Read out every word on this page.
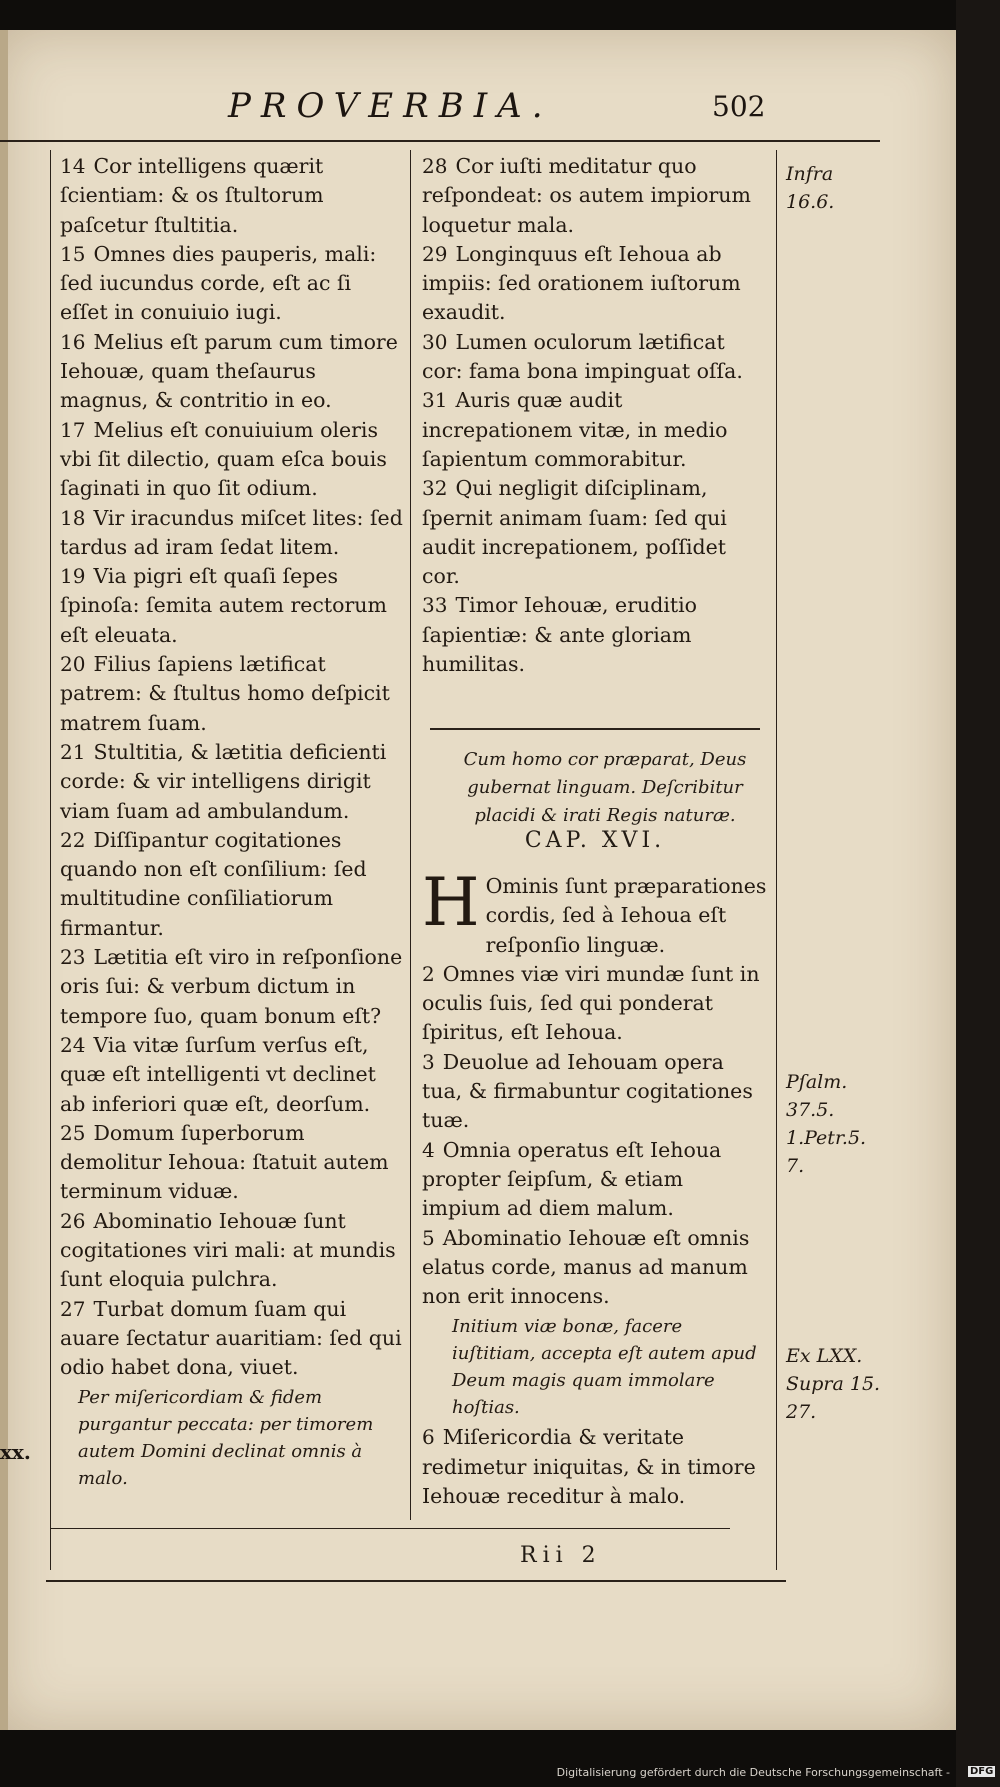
PROVERBIA.	502
xx.

14 Cor intelligens quærit ſcientiam: & os ſtultorum paſcetur ſtultitia.

15 Omnes dies pauperis, mali: ſed iucundus corde, eſt ac ſi eſſet in conuiuio iugi.

16 Melius eſt parum cum timore Iehouæ, quam theſaurus magnus, & contritio in eo.

17 Melius eſt conuiuium oleris vbi ſit dilectio, quam eſca bouis ſaginati in quo ſit odium.

18 Vir iracundus miſcet lites: ſed tardus ad iram ſedat litem.

19 Via pigri eſt quaſi ſepes ſpinoſa: ſemita autem rectorum eſt eleuata.

20 Filius ſapiens lætificat patrem: & ſtultus homo deſpicit matrem ſuam.

21 Stultitia, & lætitia deficienti corde: & vir intelligens dirigit viam ſuam ad ambulandum.

22 Diſſipantur cogitationes quando non eſt conſilium: ſed multitudine conſiliatiorum firmantur.

23 Lætitia eſt viro in reſponſione oris ſui: & verbum dictum in tempore ſuo, quam bonum eſt?

24 Via vitæ ſurſum verſus eſt, quæ eſt intelligenti vt declinet ab inferiori quæ eſt, deorſum.

25 Domum ſuperborum demolitur Iehoua: ſtatuit autem terminum viduæ.

26 Abominatio Iehouæ ſunt cogitationes viri mali: at mundis ſunt eloquia pulchra.

27 Turbat domum ſuam qui auare ſectatur auaritiam: ſed qui odio habet dona, viuet.

Per miſericordiam & fidem purgantur peccata: per timorem autem Domini declinat omnis à malo.

28 Cor iuſti meditatur quo reſpondeat: os autem impiorum loquetur mala.

29 Longinquus eſt Iehoua ab impiis: ſed orationem iuſtorum exaudit.

30 Lumen oculorum lætificat cor: fama bona impinguat oſſa.

31 Auris quæ audit increpationem vitæ, in medio ſapientum commorabitur.

32 Qui negligit diſciplinam, ſpernit animam ſuam: ſed qui audit increpationem, poſſidet cor.

33 Timor Iehouæ, eruditio ſapientiæ: & ante gloriam humilitas.

Cum homo cor præparat, Deus gubernat linguam. Deſcribitur placidi & irati Regis naturæ.
CAP. XVI.

H Ominis ſunt præparationes cordis, ſed à Iehoua eſt reſponſio linguæ.

2 Omnes viæ viri mundæ ſunt in oculis ſuis, ſed qui ponderat ſpiritus, eſt Iehoua.

3 Deuolue ad Iehouam opera tua, & firmabuntur cogitationes tuæ.

4 Omnia operatus eſt Iehoua propter ſeipſum, & etiam impium ad diem malum.

5 Abominatio Iehouæ eſt omnis elatus corde, manus ad manum non erit innocens.

Initium viæ bonæ, facere iuſtitiam, accepta eſt autem apud Deum magis quam immolare hoſtias.

6 Miſericordia & veritate redimetur iniquitas, & in timore Iehouæ receditur à malo.

Infra 16.6.
Pſalm. 37.5. 1.Petr.5. 7.
Ex LXX. Supra 15. 27.
Rii 2
Digitalisierung gefördert durch die Deutsche Forschungsgemeinschaft - DFG
